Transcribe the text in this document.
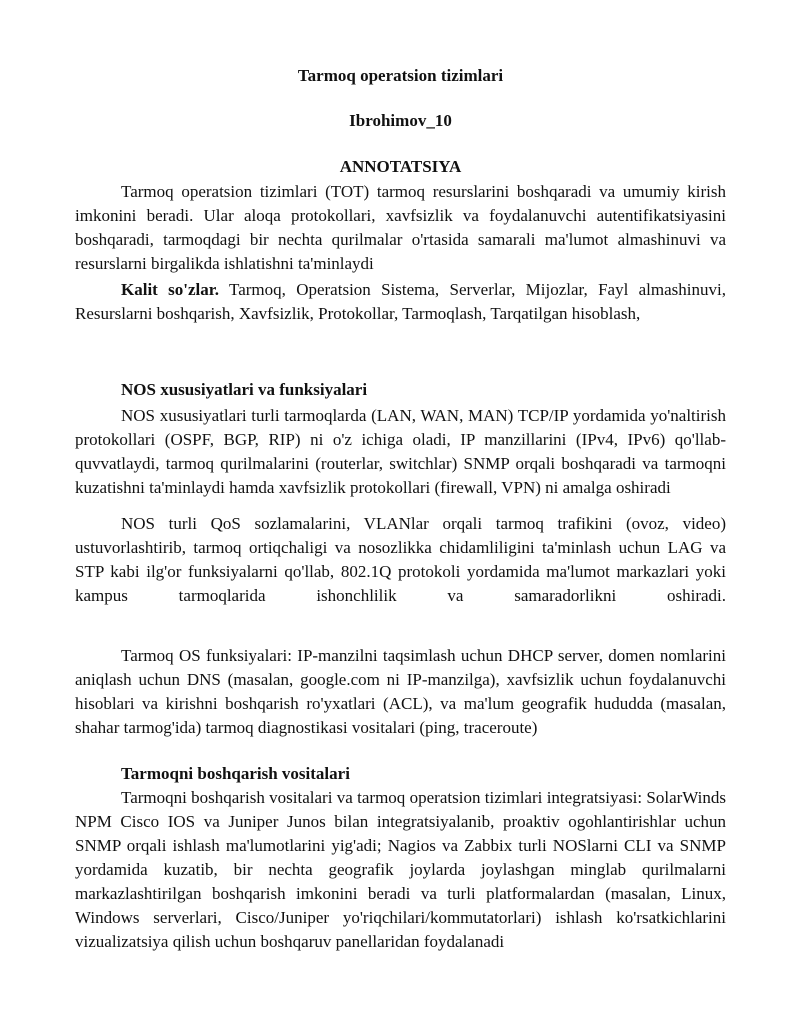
Tarmoq operatsion tizimlari
Ibrohimov_10
ANNOTATSIYA

Tarmoq operatsion tizimlari (TOT) tarmoq resurslarini boshqaradi va umumiy kirish imkonini beradi. Ular aloqa protokollari, xavfsizlik va foydalanuvchi autentifikatsiyasini boshqaradi, tarmoqdagi bir nechta qurilmalar o'rtasida samarali ma'lumot almashinuvi va resurslarni birgalikda ishlatishni ta'minlaydi

Kalit so'zlar. Tarmoq, Operatsion Sistema, Serverlar, Mijozlar, Fayl almashinuvi, Resurslarni boshqarish, Xavfsizlik, Protokollar, Tarmoqlash, Tarqatilgan hisoblash,

NOS xususiyatlari va funksiyalari

NOS xususiyatlari turli tarmoqlarda (LAN, WAN, MAN) TCP/IP yordamida yo'naltirish protokollari (OSPF, BGP, RIP) ni o'z ichiga oladi, IP manzillarini (IPv4, IPv6) qo'llab-quvvatlaydi, tarmoq qurilmalarini (routerlar, switchlar) SNMP orqali boshqaradi va tarmoqni kuzatishni ta'minlaydi hamda xavfsizlik protokollari (firewall, VPN) ni amalga oshiradi

NOS turli QoS sozlamalarini, VLANlar orqali tarmoq trafikini (ovoz, video) ustuvorlashtirib, tarmoq ortiqchaligi va nosozlikka chidamliligini ta'minlash uchun LAG va STP kabi ilg'or funksiyalarni qo'llab, 802.1Q protokoli yordamida ma'lumot markazlari yoki kampus tarmoqlarida ishonchlilik va samaradorlikni oshiradi.

Tarmoq OS funksiyalari: IP-manzilni taqsimlash uchun DHCP server, domen nomlarini aniqlash uchun DNS (masalan, google.com ni IP-manzilga), xavfsizlik uchun foydalanuvchi hisoblari va kirishni boshqarish ro'yxatlari (ACL), va ma'lum geografik hududda (masalan, shahar tarmog'ida) tarmoq diagnostikasi vositalari (ping, traceroute)

Tarmoqni boshqarish vositalari

Tarmoqni boshqarish vositalari va tarmoq operatsion tizimlari integratsiyasi: SolarWinds NPM Cisco IOS va Juniper Junos bilan integratsiyalanib, proaktiv ogohlantirishlar uchun SNMP orqali ishlash ma'lumotlarini yig'adi; Nagios va Zabbix turli NOSlarni CLI va SNMP yordamida kuzatib, bir nechta geografik joylarda joylashgan minglab qurilmalarni markazlashtirilgan boshqarish imkonini beradi va turli platformalardan (masalan, Linux, Windows serverlari, Cisco/Juniper yo'riqchilari/kommutatorlari) ishlash ko'rsatkichlarini vizualizatsiya qilish uchun boshqaruv panellaridan foydalanadi
